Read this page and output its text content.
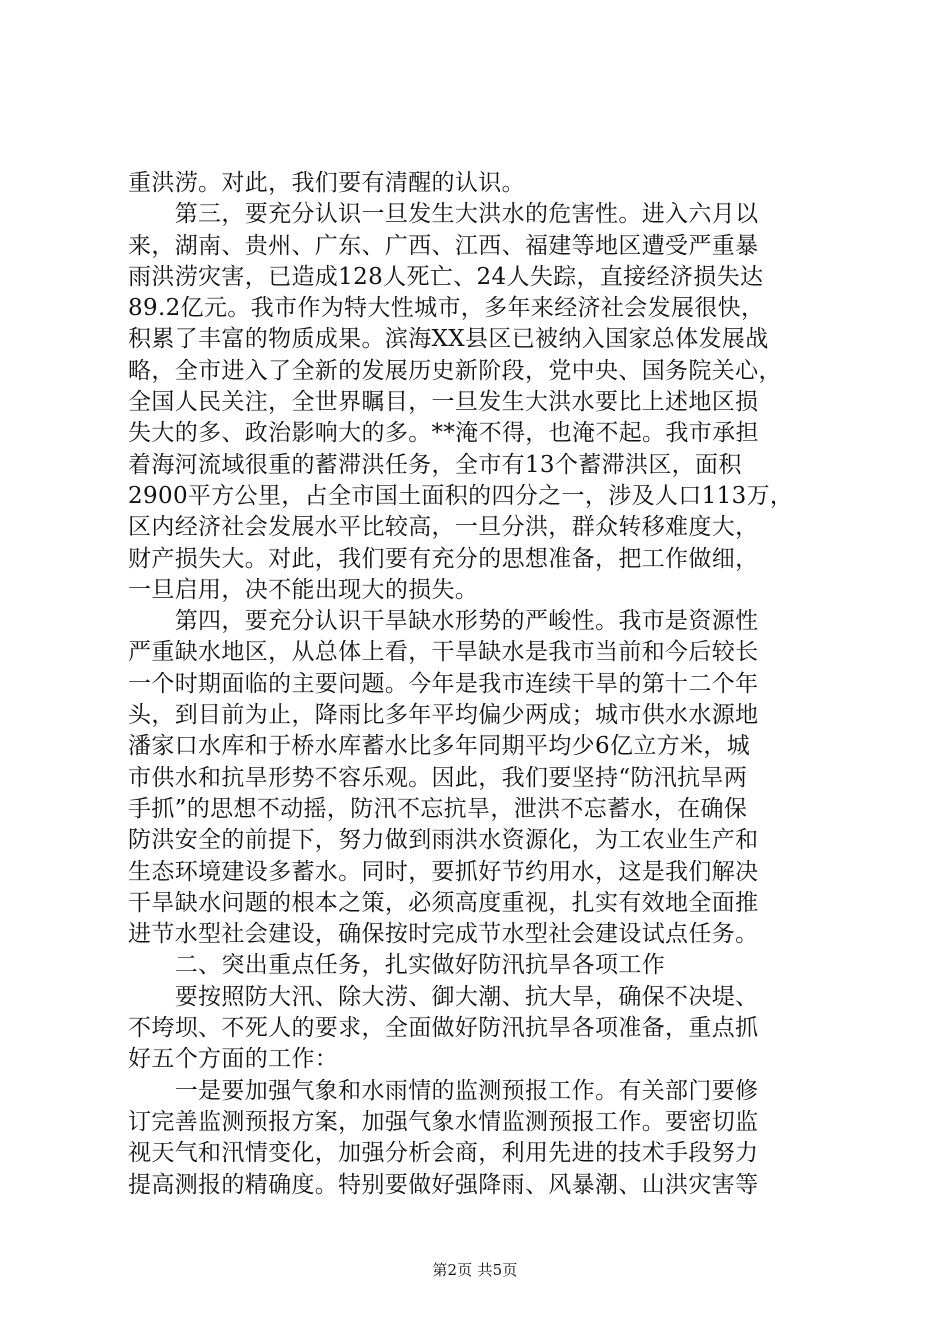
重洪涝。对此，我们要有清醒的认识。
　　第三，要充分认识一旦发生大洪水的危害性。进入六月以
来，湖南、贵州、广东、广西、江西、福建等地区遭受严重暴
雨洪涝灾害，已造成128人死亡、24人失踪，直接经济损失达
89.2亿元。我市作为特大性城市，多年来经济社会发展很快，
积累了丰富的物质成果。滨海XX县区已被纳入国家总体发展战
略，全市进入了全新的发展历史新阶段，党中央、国务院关心，
全国人民关注，全世界瞩目，一旦发生大洪水要比上述地区损
失大的多、政治影响大的多。**淹不得，也淹不起。我市承担
着海河流域很重的蓄滞洪任务，全市有13个蓄滞洪区，面积
2900平方公里，占全市国土面积的四分之一，涉及人口113万，
区内经济社会发展水平比较高，一旦分洪，群众转移难度大，
财产损失大。对此，我们要有充分的思想准备，把工作做细，
一旦启用，决不能出现大的损失。
　　第四，要充分认识干旱缺水形势的严峻性。我市是资源性
严重缺水地区，从总体上看，干旱缺水是我市当前和今后较长
一个时期面临的主要问题。今年是我市连续干旱的第十二个年
头，到目前为止，降雨比多年平均偏少两成；城市供水水源地
潘家口水库和于桥水库蓄水比多年同期平均少6亿立方米，城
市供水和抗旱形势不容乐观。因此，我们要坚持“防汛抗旱两
手抓”的思想不动摇，防汛不忘抗旱，泄洪不忘蓄水，在确保
防洪安全的前提下，努力做到雨洪水资源化，为工农业生产和
生态环境建设多蓄水。同时，要抓好节约用水，这是我们解决
干旱缺水问题的根本之策，必须高度重视，扎实有效地全面推
进节水型社会建设，确保按时完成节水型社会建设试点任务。
　　二、突出重点任务，扎实做好防汛抗旱各项工作
　　要按照防大汛、除大涝、御大潮、抗大旱，确保不决堤、
不垮坝、不死人的要求，全面做好防汛抗旱各项准备，重点抓
好五个方面的工作：
　　一是要加强气象和水雨情的监测预报工作。有关部门要修
订完善监测预报方案，加强气象水情监测预报工作。要密切监
视天气和汛情变化，加强分析会商，利用先进的技术手段努力
提高测报的精确度。特别要做好强降雨、风暴潮、山洪灾害等
第2页 共5页
